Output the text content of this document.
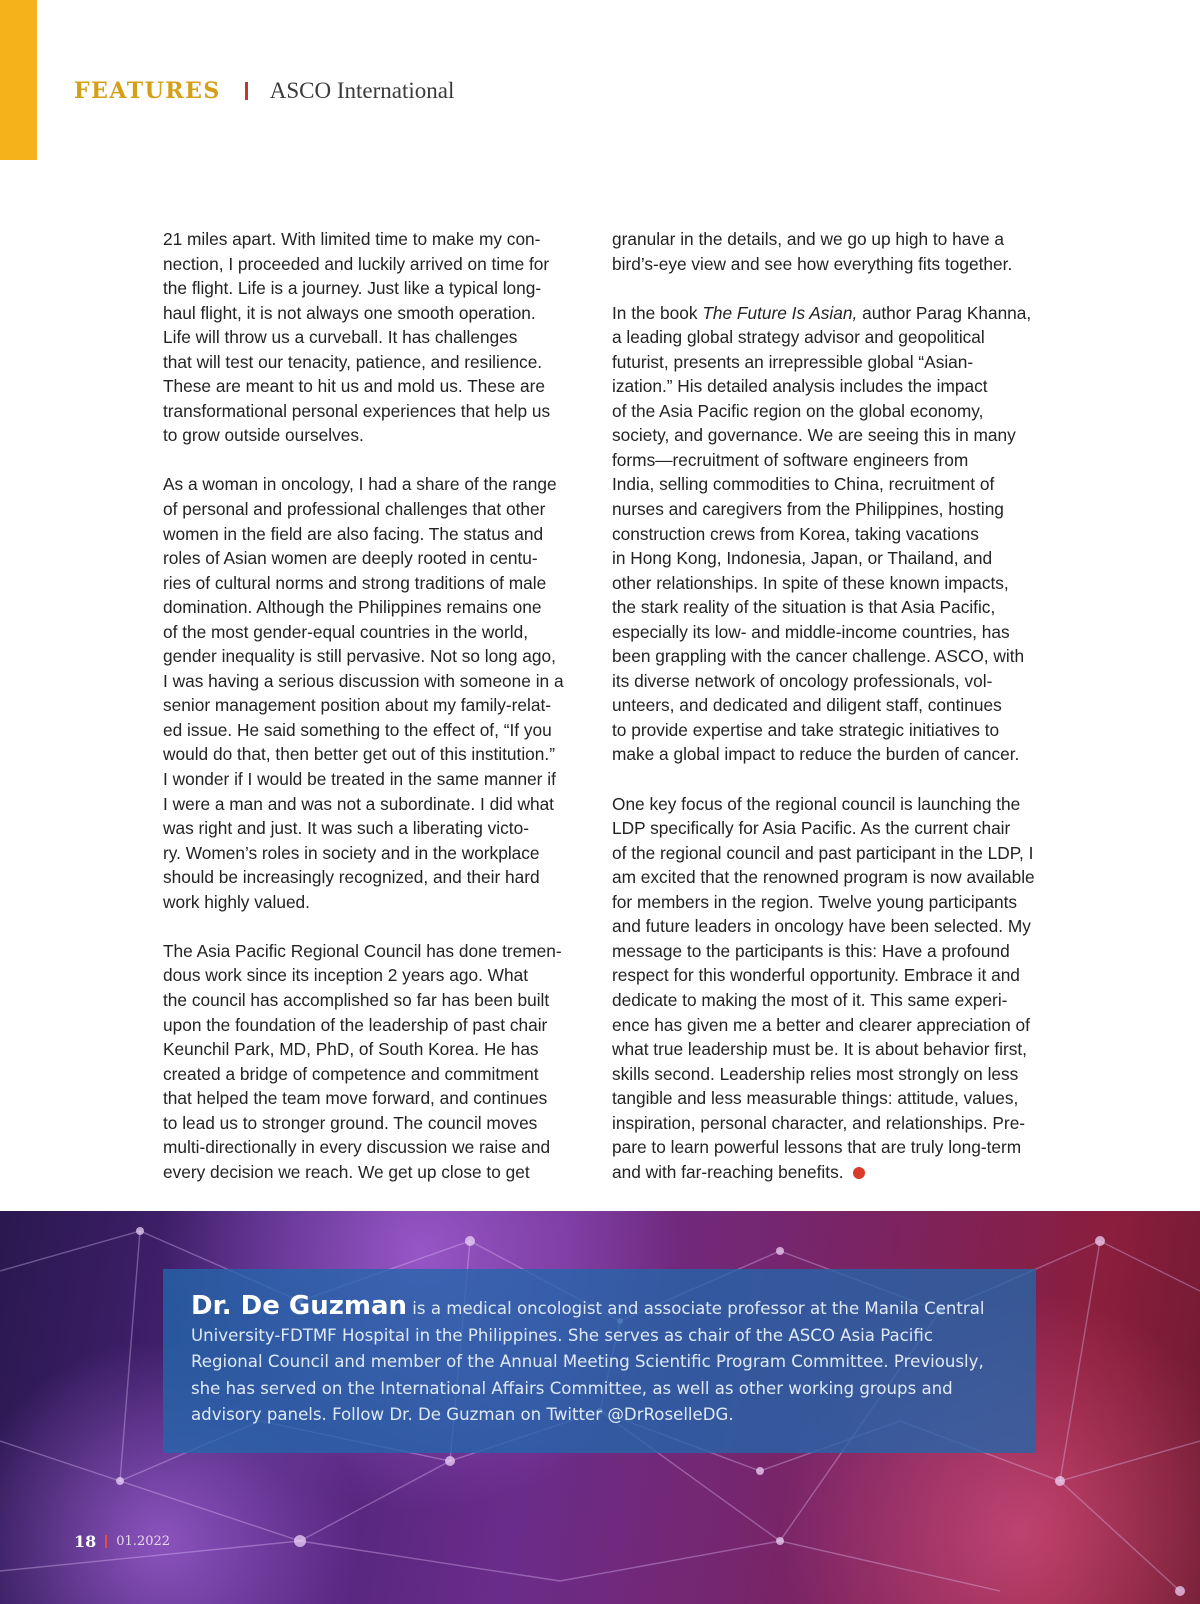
FEATURES ASCO International

21 miles apart. With limited time to make my con-
nection, I proceeded and luckily arrived on time for
the flight. Life is a journey. Just like a typical long-
haul flight, it is not always one smooth operation.
Life will throw us a curveball. It has challenges
that will test our tenacity, patience, and resilience.
These are meant to hit us and mold us. These are
transformational personal experiences that help us
to grow outside ourselves.

As a woman in oncology, I had a share of the range
of personal and professional challenges that other
women in the field are also facing. The status and
roles of Asian women are deeply rooted in centu-
ries of cultural norms and strong traditions of male
domination. Although the Philippines remains one
of the most gender-equal countries in the world,
gender inequality is still pervasive. Not so long ago,
I was having a serious discussion with someone in a
senior management position about my family-relat-
ed issue. He said something to the effect of, “If you
would do that, then better get out of this institution.”
I wonder if I would be treated in the same manner if
I were a man and was not a subordinate. I did what
was right and just. It was such a liberating victo-
ry. Women’s roles in society and in the workplace
should be increasingly recognized, and their hard
work highly valued.

The Asia Pacific Regional Council has done tremen-
dous work since its inception 2 years ago. What
the council has accomplished so far has been built
upon the foundation of the leadership of past chair
Keunchil Park, MD, PhD, of South Korea. He has
created a bridge of competence and commitment
that helped the team move forward, and continues
to lead us to stronger ground. The council moves
multi-directionally in every discussion we raise and
every decision we reach. We get up close to get

granular in the details, and we go up high to have a
bird’s-eye view and see how everything fits together.

In the book The Future Is Asian, author Parag Khanna,
a leading global strategy advisor and geopolitical
futurist, presents an irrepressible global “Asian-
ization.” His detailed analysis includes the impact
of the Asia Pacific region on the global economy,
society, and governance. We are seeing this in many
forms—recruitment of software engineers from
India, selling commodities to China, recruitment of
nurses and caregivers from the Philippines, hosting
construction crews from Korea, taking vacations
in Hong Kong, Indonesia, Japan, or Thailand, and
other relationships. In spite of these known impacts,
the stark reality of the situation is that Asia Pacific,
especially its low- and middle-income countries, has
been grappling with the cancer challenge. ASCO, with
its diverse network of oncology professionals, vol-
unteers, and dedicated and diligent staff, continues
to provide expertise and take strategic initiatives to
make a global impact to reduce the burden of cancer.

One key focus of the regional council is launching the
LDP specifically for Asia Pacific. As the current chair
of the regional council and past participant in the LDP, I
am excited that the renowned program is now available
for members in the region. Twelve young participants
and future leaders in oncology have been selected. My
message to the participants is this: Have a profound
respect for this wonderful opportunity. Embrace it and
dedicate to making the most of it. This same experi-
ence has given me a better and clearer appreciation of
what true leadership must be. It is about behavior first,
skills second. Leadership relies most strongly on less
tangible and less measurable things: attitude, values,
inspiration, personal character, and relationships. Pre-
pare to learn powerful lessons that are truly long-term
and with far-reaching benefits.

Dr. De Guzman is a medical oncologist and associate professor at the Manila Central
University-FDTMF Hospital in the Philippines. She serves as chair of the ASCO Asia Pacific
Regional Council and member of the Annual Meeting Scientific Program Committee. Previously,
she has served on the International Affairs Committee, as well as other working groups and
advisory panels. Follow Dr. De Guzman on Twitter @DrRoselleDG.
18 01.2022
